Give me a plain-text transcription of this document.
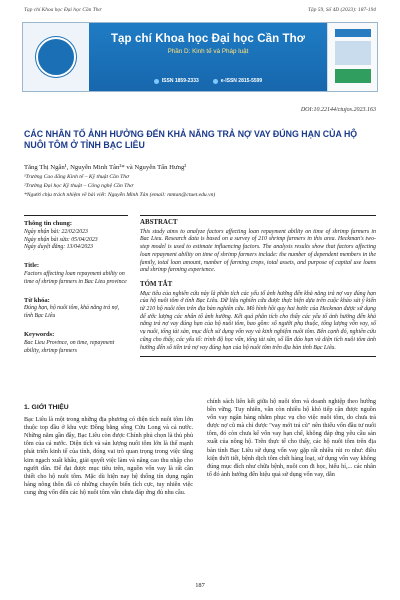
Tạp chí Khoa học Đại học Cần Thơ	Tập 59, Số 4D (2023): 187-194
Tạp chí Khoa học Đại học Cần Thơ
Phần D: Kinh tế và Pháp luật
ISSN 1859-2333	e-ISSN 2815-5599
DOI:10.22144/ctujos.2023.163
CÁC NHÂN TỐ ẢNH HƯỞNG ĐẾN KHẢ NĂNG TRẢ NỢ VAY ĐÚNG HẠN CỦA HỘ NUÔI TÔM Ở TỈNH BẠC LIÊU
Tăng Thị Ngân¹, Nguyễn Minh Tân²* và Nguyễn Tấn Hưng²
¹Trường Cao đẳng Kinh tế – Kỹ thuật Cần Thơ
²Trường Đại học Kỹ thuật – Công nghệ Cần Thơ
*Người chịu trách nhiệm về bài viết: Nguyễn Minh Tân (email: nmtan@ctuet.edu.vn)
Thông tin chung:
Ngày nhận bài: 22/02/2023
Ngày nhận bài sửa: 05/04/2023
Ngày duyệt đăng: 13/04/2023
Title:
Factors affecting loan repayment ability on time of shrimp farmers in Bac Lieu province
Từ khóa:
Đúng hạn, hộ nuôi tôm, khả năng trả nợ, tỉnh Bạc Liêu
Keywords:
Bac Lieu Province, on time, repayment ability, shrimp farmers
ABSTRACT
This study aims to analyze factors affecting loan repayment ability on time of shrimp farmers in Bac Lieu. Research data is based on a survey of 210 shrimp farmers in this area. Heckman's two-step model is used to estimate influencing factors. The analysis results show that factors affecting loan repayment ability on time of shrimp farmers include: the number of dependent members in the family, total loan amount, number of farming crops, total assets, and purpose of capital use loans and shrimp farming experience.
TÓM TẮT
Mục tiêu của nghiên cứu này là phân tích các yếu tố ảnh hưởng đến khả năng trả nợ vay đúng hạn của hộ nuôi tôm ở tỉnh Bạc Liêu. Dữ liệu nghiên cứu được thực hiện dựa trên cuộc khảo sát ý kiến từ 210 hộ nuôi tôm trên địa bàn nghiên cứu. Mô hình hồi quy hai bước của Heckman được sử dụng để ước lượng các nhân tố ảnh hưởng. Kết quả phân tích cho thấy các yếu tố ảnh hưởng đến khả năng trả nợ vay đúng hạn của hộ nuôi tôm, bao gồm: số người phụ thuộc, tổng lượng vốn vay, số vụ nuôi, tổng tài sản, mục đích sử dụng vốn vay và kinh nghiệm nuôi tôm. Bên cạnh đó, nghiên cứu cũng cho thấy, các yếu tố: trình độ học vấn, tổng tài sản, số lần đáo hạn và diện tích nuôi tôm ảnh hưởng đến số tiền trả nợ vay đúng hạn của hộ nuôi tôm trên địa bàn tỉnh Bạc Liêu.
1. GIỚI THIỆU
Bạc Liêu là một trong những địa phương có diện tích nuôi tôm lớn thuộc top đầu ở khu vực Đồng bằng sông Cửu Long và cả nước. Những năm gần đây, Bạc Liêu còn được Chính phủ chọn là thủ phủ tôm của cả nước. Diện tích và sản lượng nuôi tôm lớn là thế mạnh phát triển kinh tế của tỉnh, đóng vai trò quan trọng trong việc tăng kim ngạch xuất khẩu, giải quyết việc làm và nâng cao thu nhập cho người dân. Để đạt được mục tiêu trên, nguồn vốn vay là rất cần thiết cho hộ nuôi tôm. Mặc dù hiện nay hệ thống tín dụng ngân hàng nông thôn đã có những chuyển biến tích cực, tuy nhiên việc cung ứng vốn đến các hộ nuôi tôm vẫn chưa đáp ứng đủ nhu cầu.
chính sách liên kết giữa hộ nuôi tôm và doanh nghiệp theo hướng bền vững. Tuy nhiên, vẫn còn nhiều hộ khó tiếp cận được nguồn vốn vay ngân hàng nhằm phục vụ cho việc nuôi tôm, do chưa trả được nợ cũ mà chỉ được "vay mới trả cũ" nên thiếu vốn đầu tư nuôi tôm, đó còn chưa kể vốn vay hạn chế, không đáp ứng yêu cầu sản xuất của nông hộ. Trên thực tế cho thấy, các hộ nuôi tôm trên địa bàn tỉnh Bạc Liêu sử dụng vốn vay gặp rất nhiều rủi ro như: điều kiện thời tiết, bệnh dịch tôm chết hàng loạt, sử dụng vốn vay không đúng mục đích như chữa bệnh, nuôi con đi học, hiếu hỉ,... các nhân tố đó ảnh hưởng đến hiệu quả sử dụng vốn vay, dẫn
187
